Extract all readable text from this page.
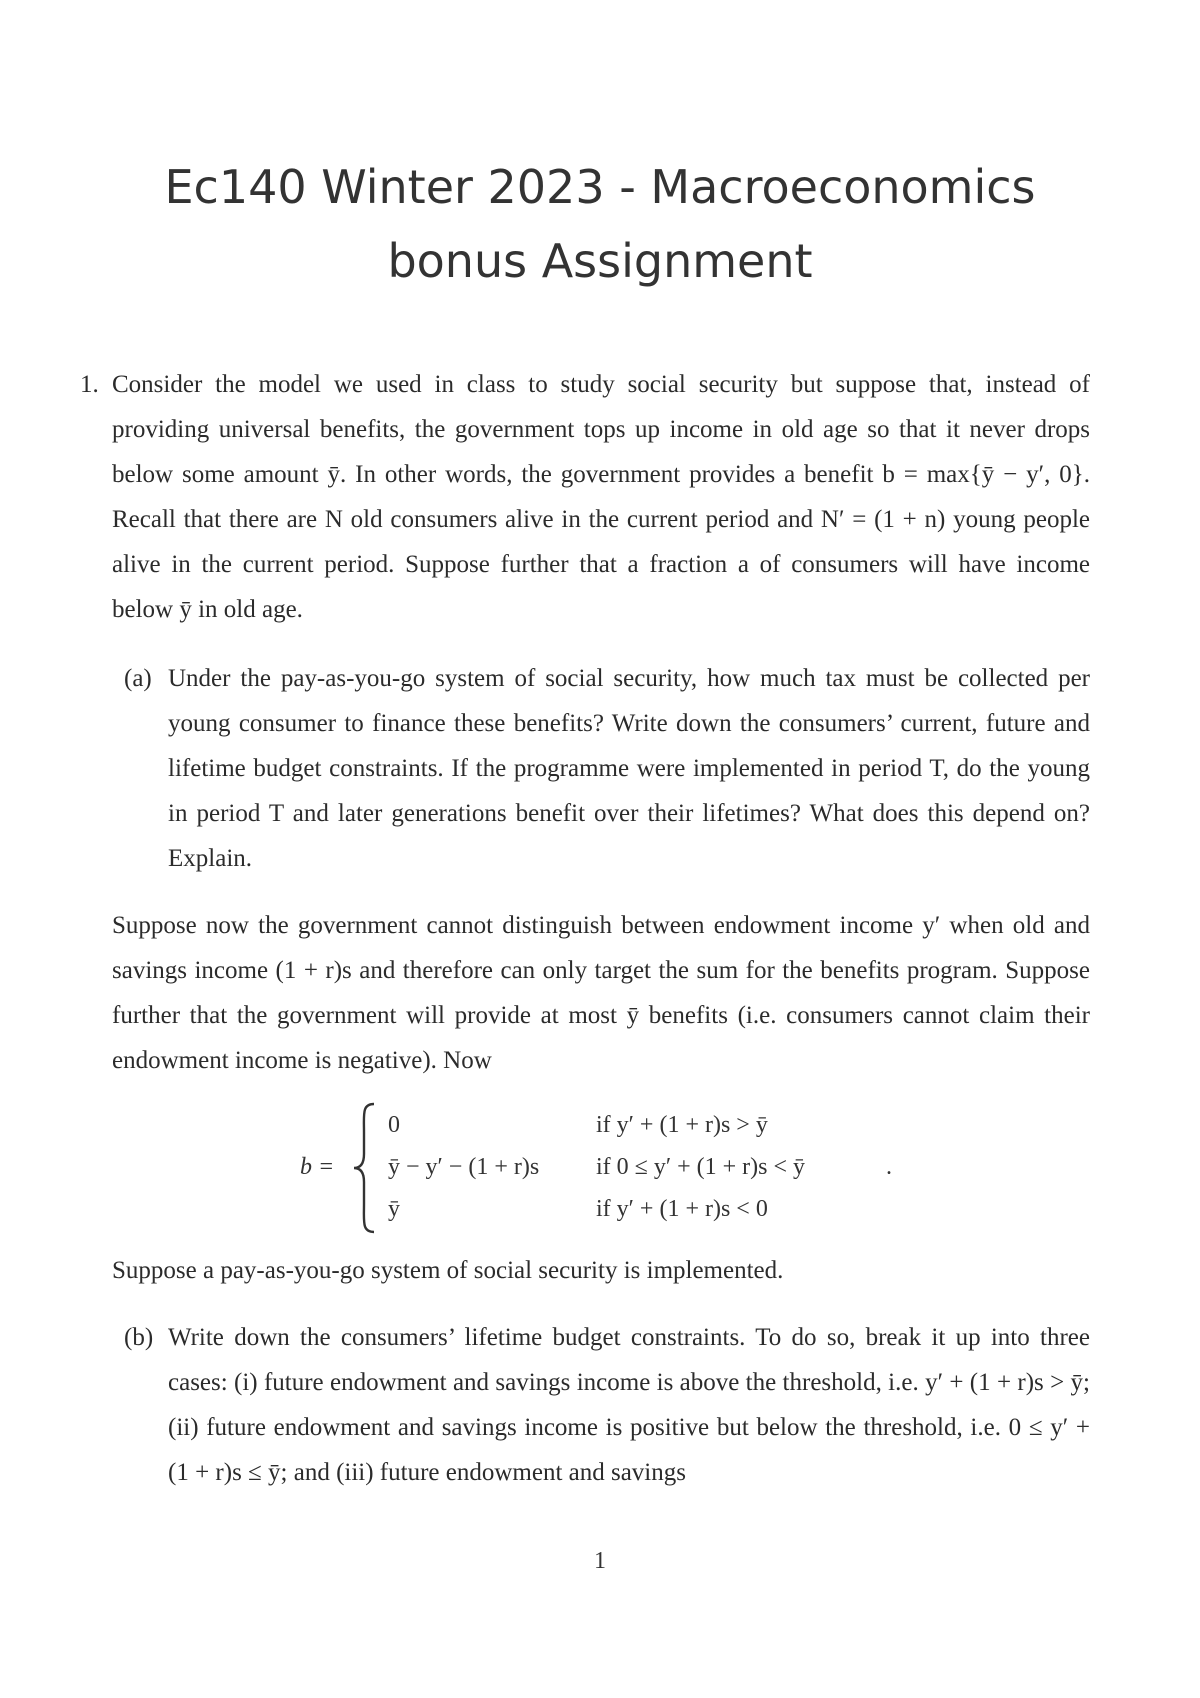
Ec140 Winter 2023 - Macroeconomics
bonus Assignment
1. Consider the model we used in class to study social security but suppose that, instead of providing universal benefits, the government tops up income in old age so that it never drops below some amount ȳ. In other words, the government provides a benefit b = max{ȳ − y′, 0}. Recall that there are N old consumers alive in the current period and N′ = (1 + n) young people alive in the current period. Suppose further that a fraction a of consumers will have income below ȳ in old age.
(a) Under the pay-as-you-go system of social security, how much tax must be collected per young consumer to finance these benefits? Write down the consumers’ current, future and lifetime budget constraints. If the programme were implemented in period T, do the young in period T and later generations benefit over their lifetimes? What does this depend on? Explain.
Suppose now the government cannot distinguish between endowment income y′ when old and savings income (1 + r)s and therefore can only target the sum for the benefits program. Suppose further that the government will provide at most ȳ benefits (i.e. consumers cannot claim their endowment income is negative). Now
b =
0	if y′ + (1 + r)s > ȳ
ȳ − y′ − (1 + r)s if 0 ≤ y′ + (1 + r)s < ȳ
ȳ	if y′ + (1 + r)s < 0
.
Suppose a pay-as-you-go system of social security is implemented.
(b) Write down the consumers’ lifetime budget constraints. To do so, break it up into three cases: (i) future endowment and savings income is above the threshold, i.e. y′ + (1 + r)s > ȳ; (ii) future endowment and savings income is positive but below the threshold, i.e. 0 ≤ y′ + (1 + r)s ≤ ȳ; and (iii) future endowment and savings
1
